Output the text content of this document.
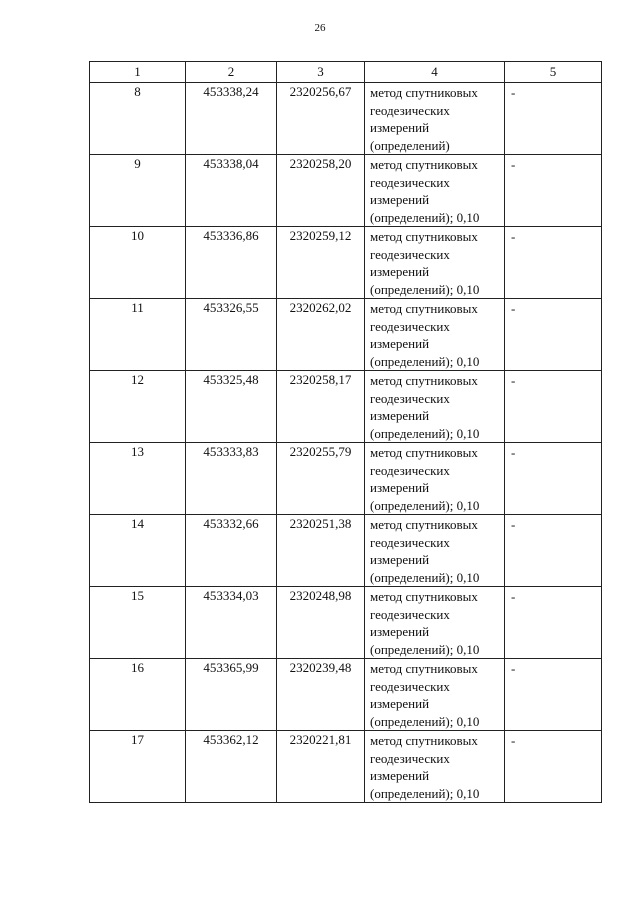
26
1	2	3	4	5
8	453338,24	2320256,67	метод спутниковых
геодезических
измерений
(определений)	-
9	453338,04	2320258,20	метод спутниковых
геодезических
измерений
(определений); 0,10	-
10	453336,86	2320259,12	метод спутниковых
геодезических
измерений
(определений); 0,10	-
11	453326,55	2320262,02	метод спутниковых
геодезических
измерений
(определений); 0,10	-
12	453325,48	2320258,17	метод спутниковых
геодезических
измерений
(определений); 0,10	-
13	453333,83	2320255,79	метод спутниковых
геодезических
измерений
(определений); 0,10	-
14	453332,66	2320251,38	метод спутниковых
геодезических
измерений
(определений); 0,10	-
15	453334,03	2320248,98	метод спутниковых
геодезических
измерений
(определений); 0,10	-
16	453365,99	2320239,48	метод спутниковых
геодезических
измерений
(определений); 0,10	-
17	453362,12	2320221,81	метод спутниковых
геодезических
измерений
(определений); 0,10	-
